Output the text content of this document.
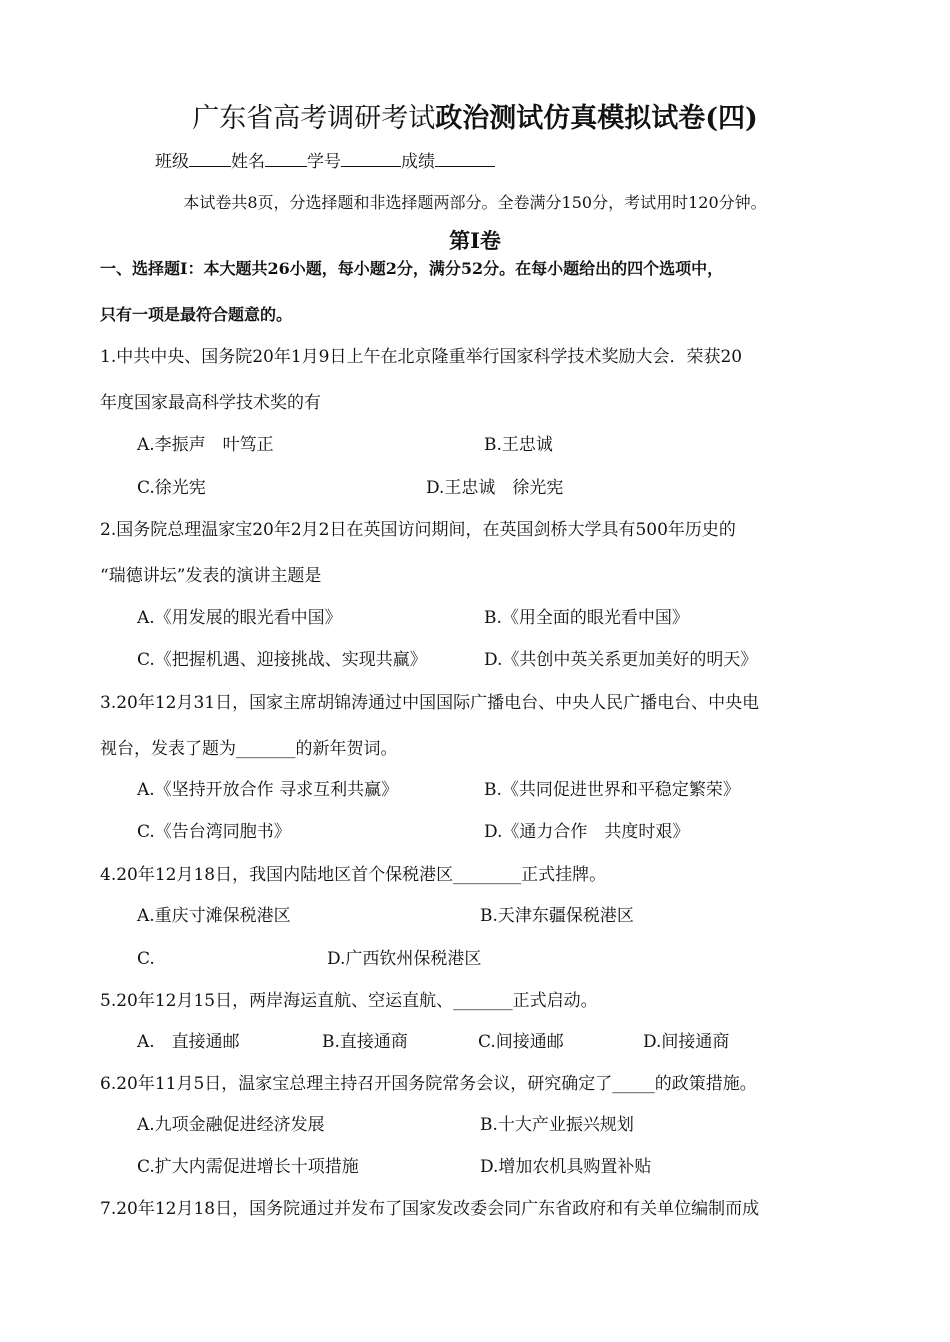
广东省高考调研考试政治测试仿真模拟试卷(四)
班级 姓名 学号	成绩
本试卷共8页，分选择题和非选择题两部分。全卷满分150分，考试用时120分钟。
第Ⅰ卷
一、选择题Ⅰ：本大题共26小题，每小题2分，满分52分。在每小题给出的四个选项中，
只有一项是最符合题意的。
1.中共中央、国务院20年1月9日上午在北京隆重举行国家科学技术奖励大会．荣获20
年度国家最高科学技术奖的有
A.李振声　叶笃正	B.王忠诚
C.徐光宪	D.王忠诚　徐光宪
2.国务院总理温家宝20年2月2日在英国访问期间，在英国剑桥大学具有500年历史的
“瑞德讲坛”发表的演讲主题是
A.《用发展的眼光看中国》	B.《用全面的眼光看中国》
C.《把握机遇、迎接挑战、实现共赢》	D.《共创中英关系更加美好的明天》
3.20年12月31日，国家主席胡锦涛通过中国国际广播电台、中央人民广播电台、中央电
视台，发表了题为_______的新年贺词。
A.《坚持开放合作 寻求互利共赢》	B.《共同促进世界和平稳定繁荣》
C.《告台湾同胞书》	D.《通力合作　共度时艰》
4.20年12月18日，我国内陆地区首个保税港区________正式挂牌。
A.重庆寸滩保税港区	B.天津东疆保税港区
C.	D.广西钦州保税港区
5.20年12月15日，两岸海运直航、空运直航、_______正式启动。
A.　直接通邮	B.直接通商	C.间接通邮	D.间接通商
6.20年11月5日，温家宝总理主持召开国务院常务会议，研究确定了_____的政策措施。
A.九项金融促进经济发展	B.十大产业振兴规划
C.扩大内需促进增长十项措施	D.增加农机具购置补贴
7.20年12月18日，国务院通过并发布了国家发改委会同广东省政府和有关单位编制而成
